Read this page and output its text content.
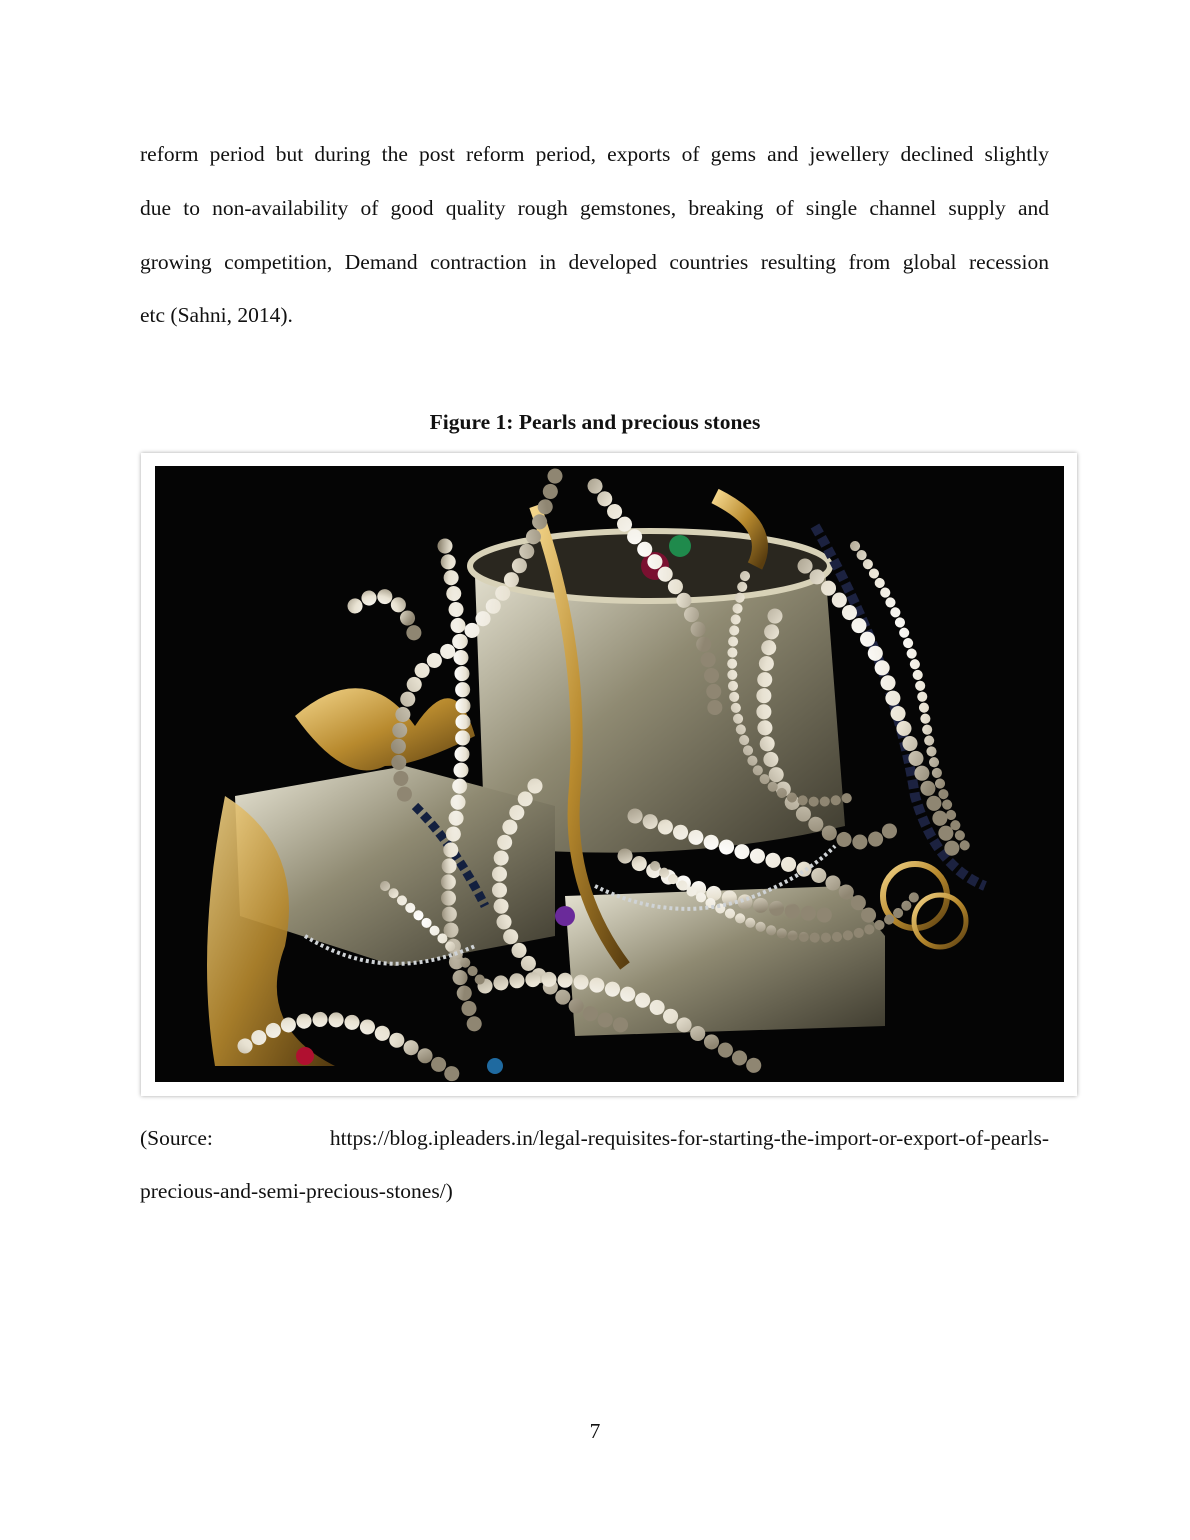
reform period but during the post reform period, exports of gems and jewellery declined slightly
due to non-availability of good quality rough gemstones, breaking of single channel supply and
growing competition, Demand contraction in developed countries resulting from global recession
etc (Sahni, 2014).
Figure 1: Pearls and precious stones
(Source:	https://blog.ipleaders.in/legal-requisites-for-starting-the-import-or-export-of-pearls-
precious-and-semi-precious-stones/)
7
